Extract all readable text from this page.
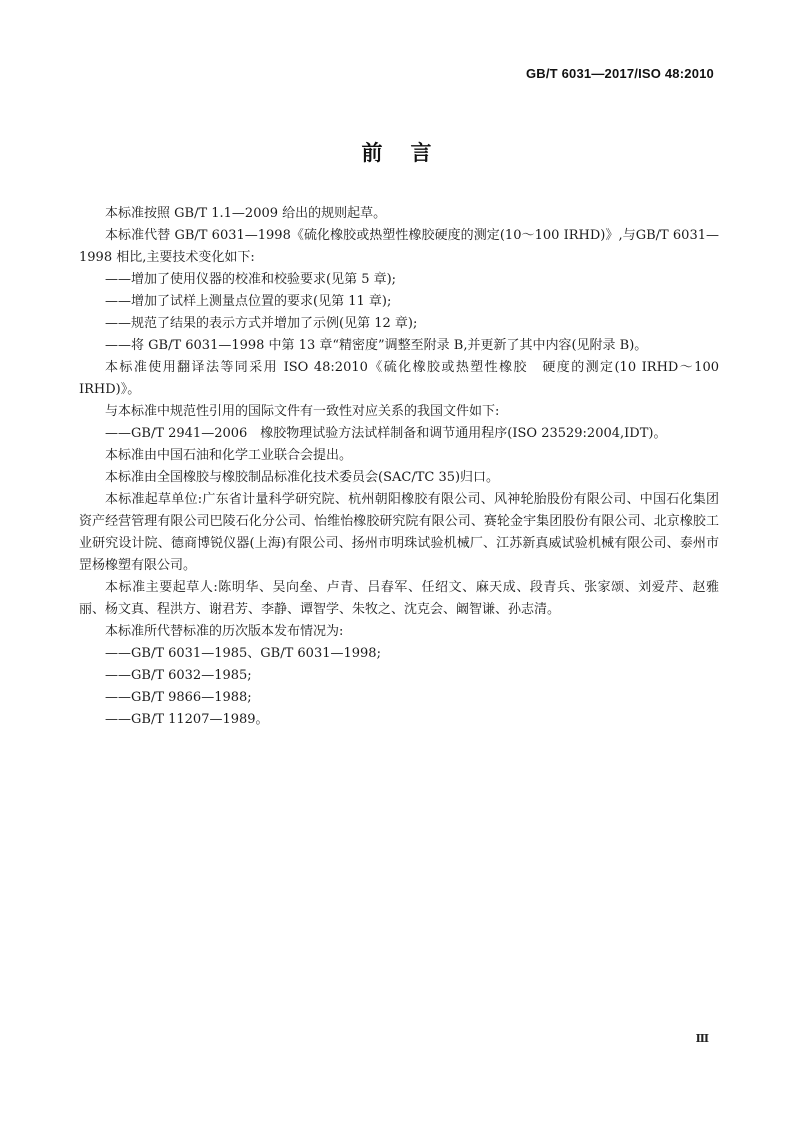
GB/T 6031—2017/ISO 48:2010
前言

本标准按照 GB/T 1.1—2009 给出的规则起草。

本标准代替 GB/T 6031—1998《硫化橡胶或热塑性橡胶硬度的测定(10～100 IRHD)》,与GB/T 6031—1998 相比,主要技术变化如下:

——增加了使用仪器的校准和校验要求(见第 5 章);

——增加了试样上测量点位置的要求(见第 11 章);

——规范了结果的表示方式并增加了示例(见第 12 章);

——将 GB/T 6031—1998 中第 13 章“精密度”调整至附录 B,并更新了其中内容(见附录 B)。

本标准使用翻译法等同采用 ISO 48:2010《硫化橡胶或热塑性橡胶　硬度的测定(10 IRHD～100 IRHD)》。

与本标准中规范性引用的国际文件有一致性对应关系的我国文件如下:

——GB/T 2941—2006　橡胶物理试验方法试样制备和调节通用程序(ISO 23529:2004,IDT)。

本标准由中国石油和化学工业联合会提出。

本标准由全国橡胶与橡胶制品标准化技术委员会(SAC/TC 35)归口。

本标准起草单位:广东省计量科学研究院、杭州朝阳橡胶有限公司、风神轮胎股份有限公司、中国石化集团资产经营管理有限公司巴陵石化分公司、怡维怡橡胶研究院有限公司、赛轮金宇集团股份有限公司、北京橡胶工业研究设计院、德商博锐仪器(上海)有限公司、扬州市明珠试验机械厂、江苏新真威试验机械有限公司、泰州市罡杨橡塑有限公司。

本标准主要起草人:陈明华、吴向垒、卢青、吕春军、任绍文、麻天成、段青兵、张家颂、刘爱芹、赵雅丽、杨文真、程洪方、谢君芳、李静、谭智学、朱牧之、沈克会、阚智谦、孙志清。

本标准所代替标准的历次版本发布情况为:

——GB/T 6031—1985、GB/T 6031—1998;

——GB/T 6032—1985;

——GB/T 9866—1988;

——GB/T 11207—1989。

Ⅲ
